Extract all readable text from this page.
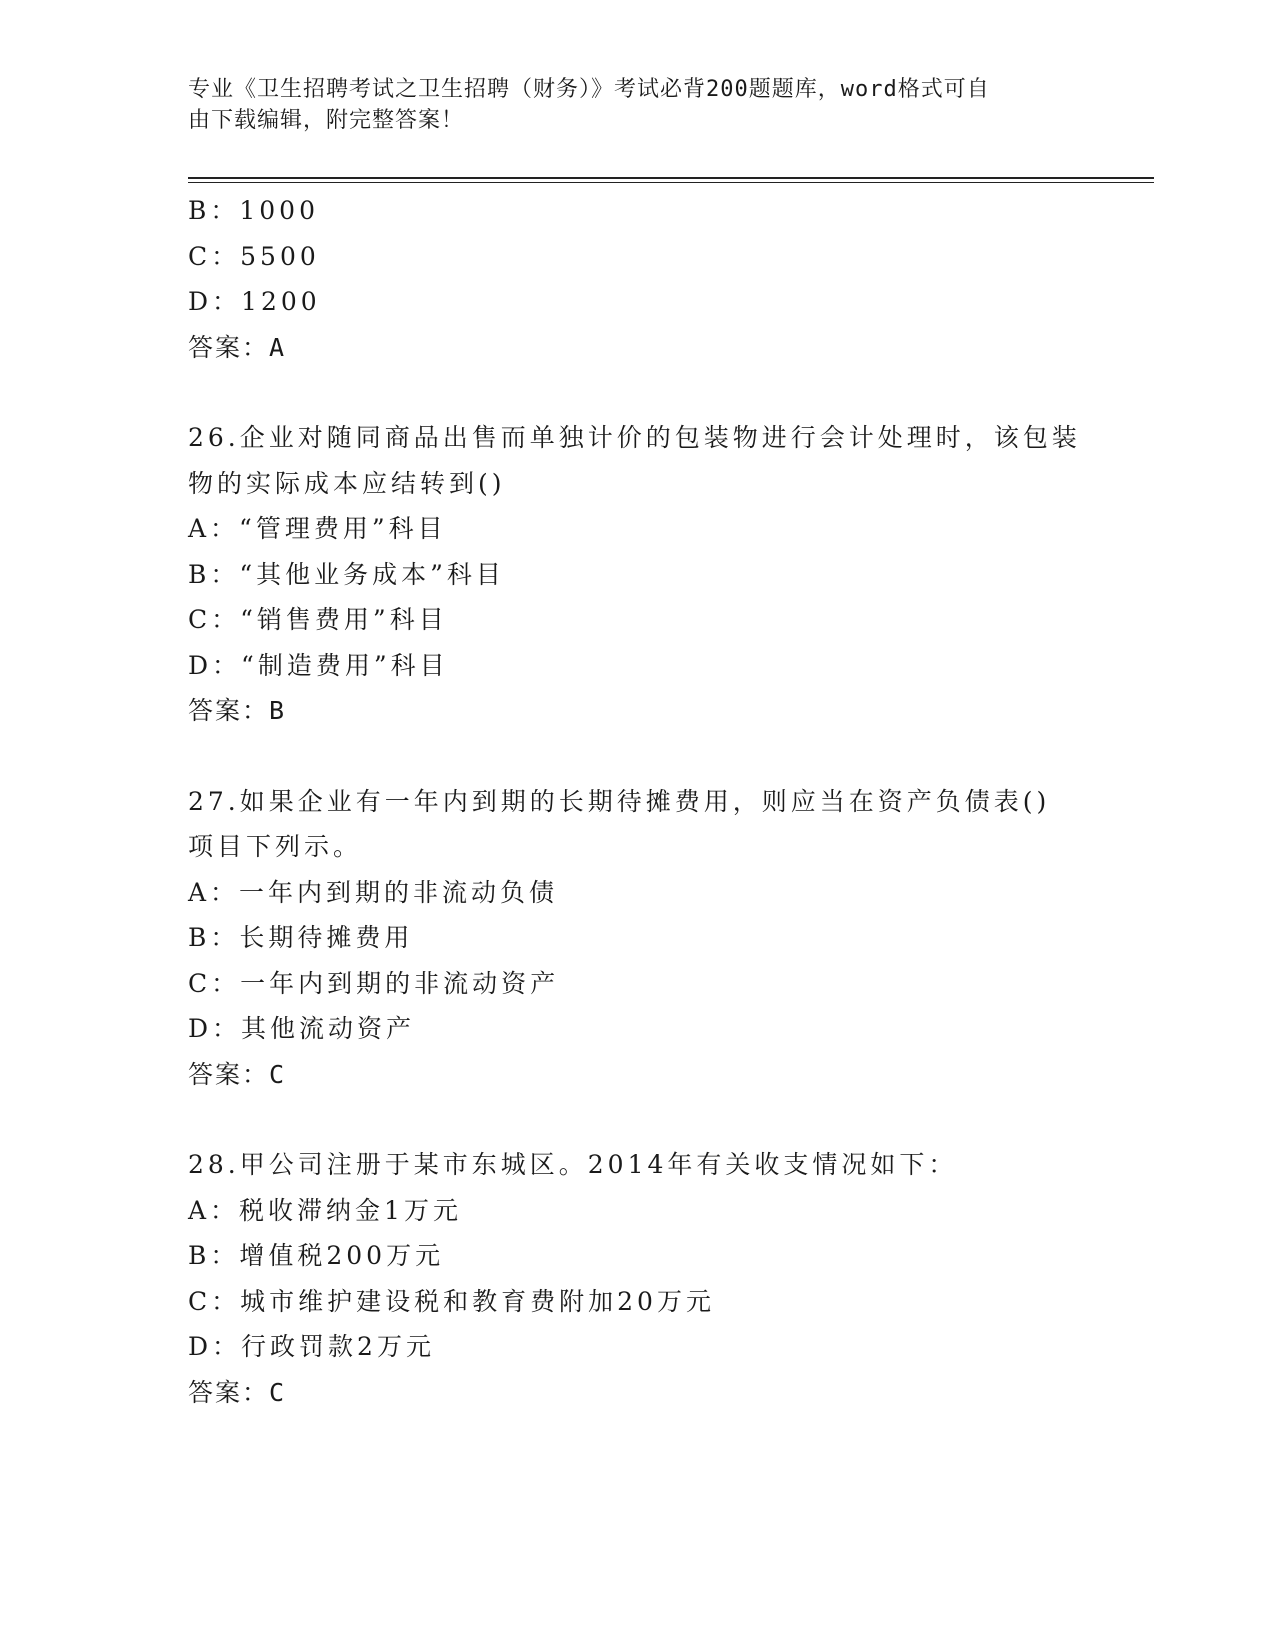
专业《卫生招聘考试之卫生招聘（财务）》考试必背200题题库，word格式可自
由下载编辑，附完整答案！
B：1000
C：5500
D：1200
答案：A
26.企业对随同商品出售而单独计价的包装物进行会计处理时，该包装
物的实际成本应结转到()
A：“管理费用”科目
B：“其他业务成本”科目
C：“销售费用”科目
D：“制造费用”科目
答案：B
27.如果企业有一年内到期的长期待摊费用，则应当在资产负债表()
项目下列示。
A：一年内到期的非流动负债
B：长期待摊费用
C：一年内到期的非流动资产
D：其他流动资产
答案：C
28.甲公司注册于某市东城区。2014年有关收支情况如下：
A：税收滞纳金1万元
B：增值税200万元
C：城市维护建设税和教育费附加20万元
D：行政罚款2万元
答案：C
